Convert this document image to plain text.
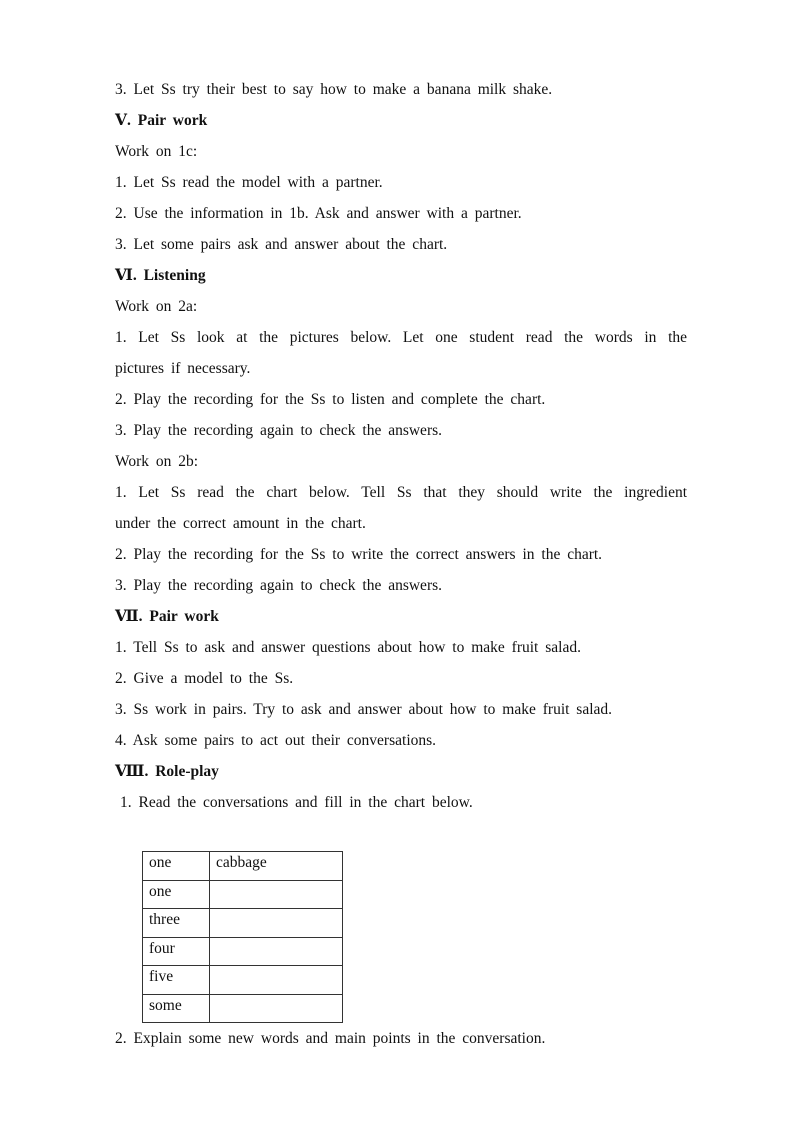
3. Let Ss try their best to say how to make a banana milk shake.
Ⅴ. Pair work
Work on 1c:
1. Let Ss read the model with a partner.
2. Use the information in 1b. Ask and answer with a partner.
3. Let some pairs ask and answer about the chart.
Ⅵ. Listening
Work on 2a:
1. Let Ss look at the pictures below. Let one student read the words in the
pictures if necessary.
2. Play the recording for the Ss to listen and complete the chart.
3. Play the recording again to check the answers.
Work on 2b:
1. Let Ss read the chart below. Tell Ss that they should write the ingredient
under the correct amount in the chart.
2. Play the recording for the Ss to write the correct answers in the chart.
3. Play the recording again to check the answers.
Ⅶ. Pair work
1. Tell Ss to ask and answer questions about how to make fruit salad.
2. Give a model to the Ss.
3. Ss work in pairs. Try to ask and answer about how to make fruit salad.
4. Ask some pairs to act out their conversations.
Ⅷ. Role-play
1. Read the conversations and fill in the chart below.
one	cabbage
one	
three	
four	
five	
some	
2. Explain some new words and main points in the conversation.
